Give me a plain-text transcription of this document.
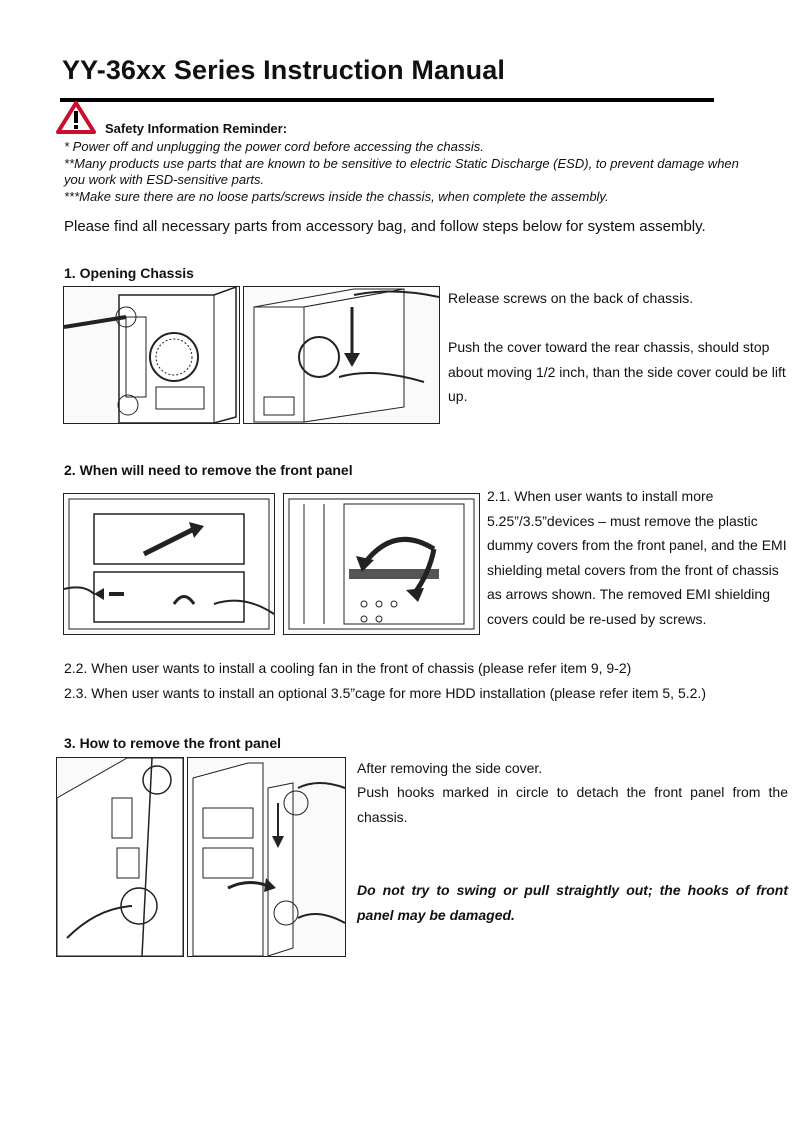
YY-36xx Series Instruction Manual
Safety Information Reminder:
* Power off and unplugging the power cord before accessing the chassis.
**Many products use parts that are known to be sensitive to electric Static Discharge (ESD), to prevent damage when
you work with ESD-sensitive parts.
***Make sure there are no loose parts/screws inside the chassis, when complete the assembly.
Please find all necessary parts from accessory bag, and follow steps below for system assembly.
1. Opening Chassis
Release screws on the back of chassis.
Push the cover toward the rear chassis, should stop about moving 1/2 inch, than the side cover could be lift up.
2. When will need to remove the front panel
2.1. When user wants to install more 5.25”/3.5”devices – must remove the plastic dummy covers from the front panel, and the EMI shielding metal covers from the front of chassis as arrows shown. The removed EMI shielding covers could be re-used by screws.
2.2. When user wants to install a cooling fan in the front of chassis (please refer item 9, 9-2)
2.3. When user wants to install an optional 3.5”cage for more HDD installation (please refer item 5, 5.2.)
3. How to remove the front panel
After removing the side cover.
Push hooks marked in circle to detach the front panel from the chassis.
Do not try to swing or pull straightly out; the hooks of front panel may be damaged.
